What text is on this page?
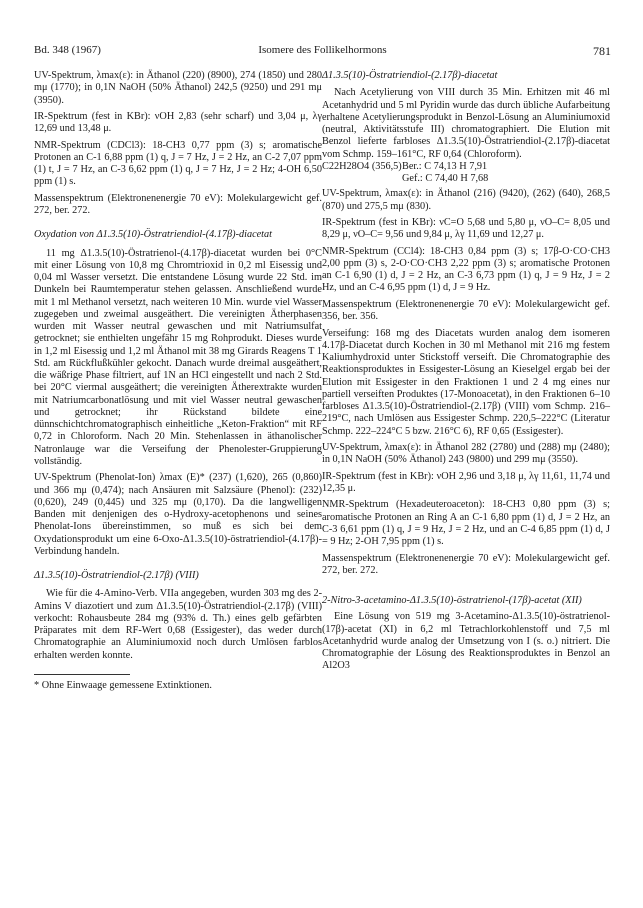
Bd. 348 (1967)	Isomere des Follikelhormons	781

UV-Spektrum, λmax(ε): in Äthanol (220) (8900), 274 (1850) und 280 mμ (1770); in 0,1N NaOH (50% Äthanol) 242,5 (9250) und 291 mμ (3950).

IR-Spektrum (fest in KBr): νOH 2,83 (sehr scharf) und 3,04 μ, λγ 12,69 und 13,48 μ.

NMR-Spektrum (CDCl3): 18-CH3 0,77 ppm (3) s; aromatische Protonen an C-1 6,88 ppm (1) q, J = 7 Hz, J = 2 Hz, an C-2 7,07 ppm (1) t, J = 7 Hz, an C-3 6,62 ppm (1) q, J = 7 Hz, J = 2 Hz; 4-OH 6,50 ppm (1) s.

Massenspektrum (Elektronenenergie 70 eV): Molekulargewicht gef. 272, ber. 272.

Oxydation von Δ1.3.5(10)-Östratriendiol-(4.17β)-diacetat

11 mg Δ1.3.5(10)-Östratrienol-(4.17β)-diacetat wurden bei 0°C mit einer Lösung von 10,8 mg Chromtrioxid in 0,2 ml Eisessig und 0,04 ml Wasser versetzt. Die entstandene Lösung wurde 22 Std. im Dunkeln bei Raumtemperatur stehen gelassen. Anschließend wurde mit 1 ml Methanol versetzt, nach weiteren 10 Min. wurde viel Wasser zugegeben und zweimal ausgeäthert. Die vereinigten Ätherphasen wurden mit Wasser neutral gewaschen und mit Natriumsulfat getrocknet; sie enthielten ungefähr 15 mg Rohprodukt. Dieses wurde in 1,2 ml Eisessig und 1,2 ml Äthanol mit 38 mg Girards Reagens T 1 Std. am Rückflußkühler gekocht. Danach wurde dreimal ausgeäthert, die wäßrige Phase filtriert, auf 1N an HCl eingestellt und nach 2 Std. bei 20°C viermal ausgeäthert; die vereinigten Ätherextrakte wurden mit Natriumcarbonatlösung und mit viel Wasser neutral gewaschen und getrocknet; ihr Rückstand bildete eine dünnschichtchromatographisch einheitliche „Keton-Fraktion“ mit RF 0,72 in Chloroform. Nach 20 Min. Stehenlassen in äthanolischer Natronlauge war die Verseifung der Phenolester-Gruppierung vollständig.

UV-Spektrum (Phenolat-Ion) λmax (E)* (237) (1,620), 265 (0,860) und 366 mμ (0,474); nach Ansäuren mit Salzsäure (Phenol): (232) (0,620), 249 (0,445) und 325 mμ (0,170). Da die langwelligen Banden mit denjenigen des o-Hydroxy-acetophenons und seines Phenolat-Ions übereinstimmen, so muß es sich bei dem Oxydationsprodukt um eine 6-Oxo-Δ1.3.5(10)-östratriendiol-(4.17β)-Verbindung handeln.

Δ1.3.5(10)-Östratriendiol-(2.17β) (VIII)

Wie für die 4-Amino-Verb. VIIa angegeben, wurden 303 mg des 2-Amins V diazotiert und zum Δ1.3.5(10)-Östratriendiol-(2.17β) (VIII) verkocht: Rohausbeute 284 mg (93% d. Th.) eines gelb gefärbten Präparates mit dem RF-Wert 0,68 (Essigester), das weder durch Chromatographie an Aluminiumoxid noch durch Umlösen farblos erhalten werden konnte.

* Ohne Einwaage gemessene Extinktionen.

Δ1.3.5(10)-Östratriendiol-(2.17β)-diacetat

Nach Acetylierung von VIII durch 35 Min. Erhitzen mit 46 ml Acetanhydrid und 5 ml Pyridin wurde das durch übliche Aufarbeitung erhaltene Acetylierungsprodukt in Benzol-Lösung an Aluminiumoxid (neutral, Aktivitätsstufe III) chromatographiert. Die Elution mit Benzol lieferte farbloses Δ1.3.5(10)-Östratriendiol-(2.17β)-diacetat vom Schmp. 159–161°C, RF 0,64 (Chloroform).

C22H28O4 (356,5) Ber.: C 74,13 H 7,91
Gef.: C 74,40 H 7,68

UV-Spektrum, λmax(ε): in Äthanol (216) (9420), (262) (640), 268,5 (870) und 275,5 mμ (830).

IR-Spektrum (fest in KBr): νC=O 5,68 und 5,80 μ, νO–C= 8,05 und 8,29 μ, νO–C= 9,56 und 9,84 μ, λγ 11,69 und 12,27 μ.

NMR-Spektrum (CCl4): 18-CH3 0,84 ppm (3) s; 17β-O·CO·CH3 2,00 ppm (3) s, 2-O·CO·CH3 2,22 ppm (3) s; aromatische Protonen an C-1 6,90 (1) d, J = 2 Hz, an C-3 6,73 ppm (1) q, J = 9 Hz, J = 2 Hz, und an C-4 6,95 ppm (1) d, J = 9 Hz.

Massenspektrum (Elektronenenergie 70 eV): Molekulargewicht gef. 356, ber. 356.

Verseifung: 168 mg des Diacetats wurden analog dem isomeren 4.17β-Diacetat durch Kochen in 30 ml Methanol mit 216 mg festem Kaliumhydroxid unter Stickstoff verseift. Die Chromatographie des Reaktionsproduktes in Essigester-Lösung an Kieselgel ergab bei der Elution mit Essigester in den Fraktionen 1 und 2 4 mg eines nur partiell verseiften Produktes (17-Monoacetat), in den Fraktionen 6–10 farbloses Δ1.3.5(10)-Östratriendiol-(2.17β) (VIII) vom Schmp. 216–219°C, nach Umlösen aus Essigester Schmp. 220,5–222°C (Literatur Schmp. 222–224°C 5 bzw. 216°C 6), RF 0,65 (Essigester).

UV-Spektrum, λmax(ε): in Äthanol 282 (2780) und (288) mμ (2480); in 0,1N NaOH (50% Äthanol) 243 (9800) und 299 mμ (3550).

IR-Spektrum (fest in KBr): νOH 2,96 und 3,18 μ, λγ 11,61, 11,74 und 12,35 μ.

NMR-Spektrum (Hexadeuteroaceton): 18-CH3 0,80 ppm (3) s; aromatische Protonen an Ring A an C-1 6,80 ppm (1) d, J = 2 Hz, an C-3 6,61 ppm (1) q, J = 9 Hz, J = 2 Hz, und an C-4 6,85 ppm (1) d, J = 9 Hz; 2-OH 7,95 ppm (1) s.

Massenspektrum (Elektronenenergie 70 eV): Molekulargewicht gef. 272, ber. 272.

2-Nitro-3-acetamino-Δ1.3.5(10)-östratrienol-(17β)-acetat (XII)

Eine Lösung von 519 mg 3-Acetamino-Δ1.3.5(10)-östratrienol-(17β)-acetat (XI) in 6,2 ml Tetrachlorkohlenstoff und 7,5 ml Acetanhydrid wurde analog der Umsetzung von I (s. o.) nitriert. Die Chromatographie der Lösung des Reaktionsproduktes in Benzol an Al2O3
